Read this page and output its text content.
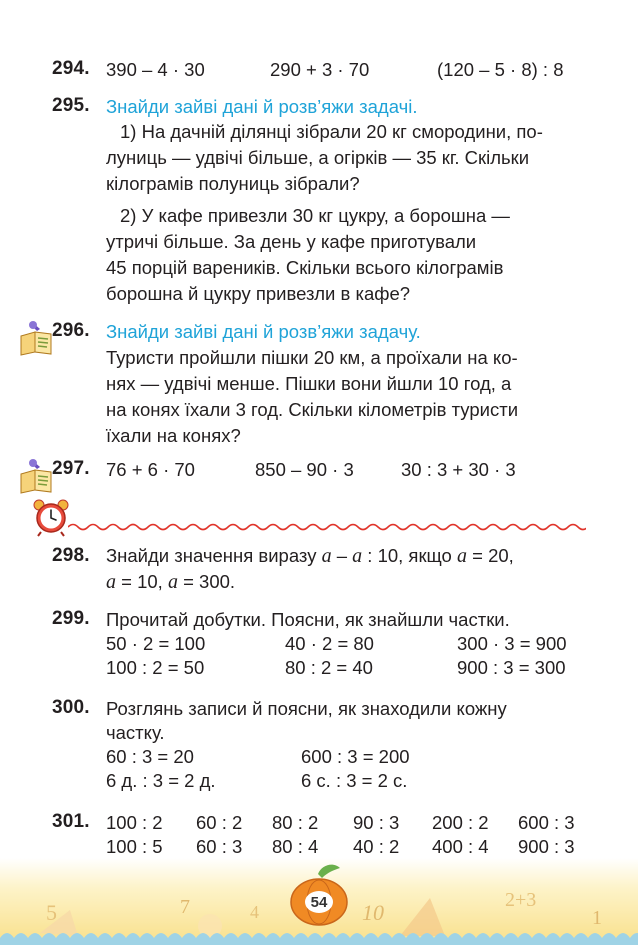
294. 390 – 4 · 30	290 + 3 · 70	(120 – 5 · 8) : 8
295. Знайди зайві дані й розв’яжи задачі.
1) На дачній ділянці зібрали 20 кг смородини, по-
луниць — удвічі більше, а огірків — 35 кг. Скільки
кілограмів полуниць зібрали?
2) У кафе привезли 30 кг цукру, а борошна —
утричі більше. За день у кафе приготували
45 порцій вареників. Скільки всього кілограмів
борошна й цукру привезли в кафе?
296. Знайди зайві дані й розв’яжи задачу.
Туристи пройшли пішки 20 км, а проїхали на ко-
нях — удвічі менше. Пішки вони йшли 10 год, а
на конях їхали 3 год. Скільки кілометрів туристи
їхали на конях?
297. 76 + 6 · 70	850 – 90 · 3	30 : 3 + 30 · 3
298. Знайди значення виразу a – a : 10, якщо a = 20,
a = 10, a = 300.
299. Прочитай добутки. Поясни, як знайшли частки.
50 · 2 = 100	40 · 2 = 80	300 · 3 = 900
100 : 2 = 50	80 : 2 = 40	900 : 3 = 300
300. Розглянь записи й поясни, як знаходили кожну
частку.
60 : 3 = 20	600 : 3 = 200
6 д. : 3 = 2 д.	6 с. : 3 = 2 с.
301. 100 : 2 60 : 2 80 : 2 90 : 3 200 : 2 600 : 3
100 : 5 60 : 3 80 : 4 40 : 2 400 : 4 900 : 3
5	7	4	10	2+3
1
54
